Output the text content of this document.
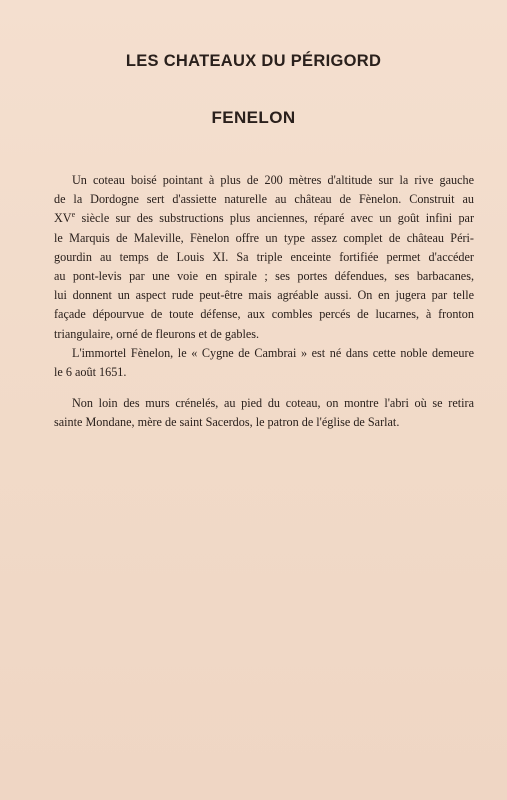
LES CHATEAUX DU PÉRIGORD
FENELON
Un coteau boisé pointant à plus de 200 mètres d'altitude sur la rive gauche
de la Dordogne sert d'assiette naturelle au château de Fènelon. Construit au
XVe siècle sur des substructions plus anciennes, réparé avec un goût infini par
le Marquis de Maleville, Fènelon offre un type assez complet de château Péri-
gourdin au temps de Louis XI. Sa triple enceinte fortifiée permet d'accéder
au pont-levis par une voie en spirale ; ses portes défendues, ses barbacanes,
lui donnent un aspect rude peut-être mais agréable aussi. On en jugera par telle
façade dépourvue de toute défense, aux combles percés de lucarnes, à fronton
triangulaire, orné de fleurons et de gables.
L'immortel Fènelon, le « Cygne de Cambrai » est né dans cette noble demeure
le 6 août 1651.
Non loin des murs crénelés, au pied du coteau, on montre l'abri où se retira
sainte Mondane, mère de saint Sacerdos, le patron de l'église de Sarlat.
